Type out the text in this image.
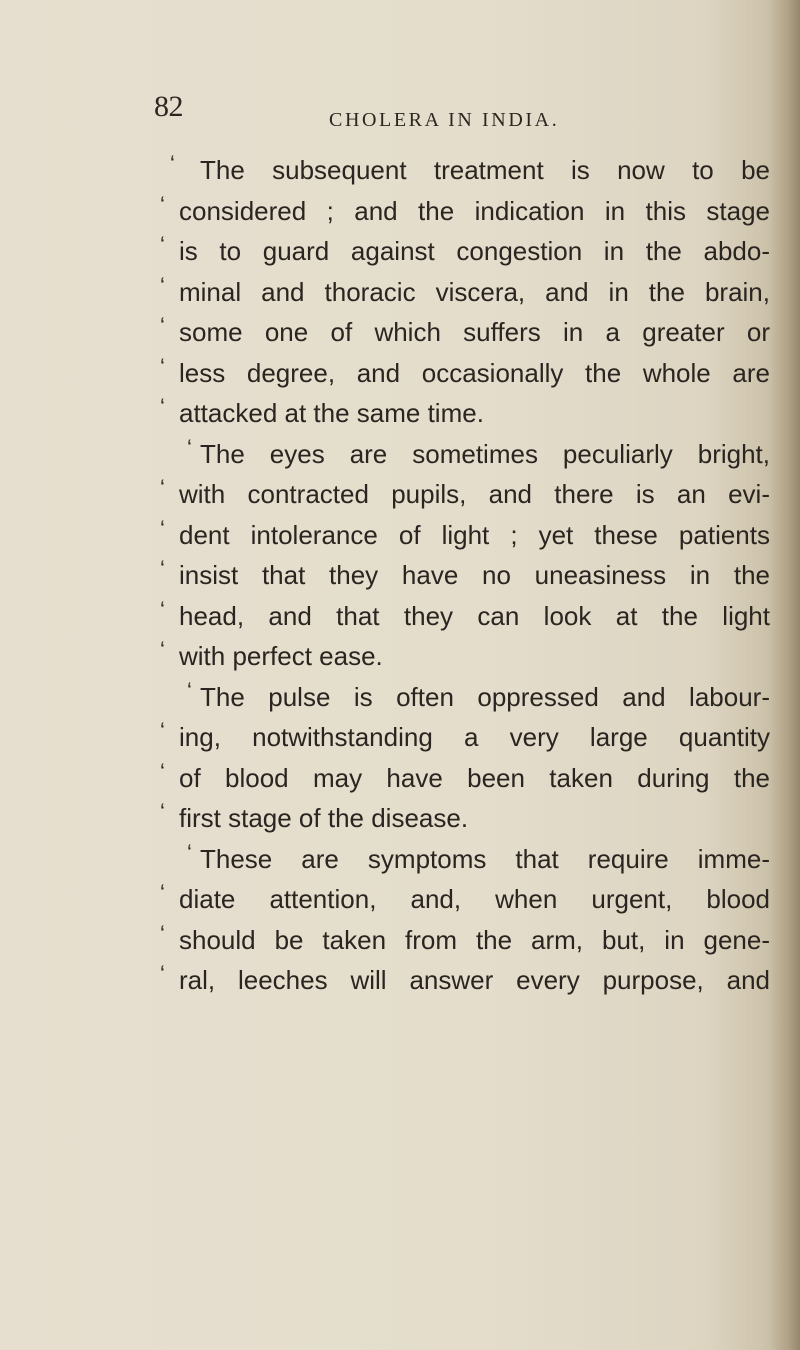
82	CHOLERA IN INDIA.
‘ The subsequent treatment is now to be
‘ considered ; and the indication in this stage
‘ is to guard against congestion in the abdo-
‘ minal and thoracic viscera, and in the brain,
‘ some one of which suffers in a greater or
‘ less degree, and occasionally the whole are
‘ attacked at the same time.
‘ The eyes are sometimes peculiarly bright,
‘ with contracted pupils, and there is an evi-
‘ dent intolerance of light ; yet these patients
‘ insist that they have no uneasiness in the
‘ head, and that they can look at the light
‘ with perfect ease.
‘ The pulse is often oppressed and labour-
‘ ing, notwithstanding a very large quantity
‘ of blood may have been taken during the
‘ first stage of the disease.
‘ These are symptoms that require imme-
‘ diate attention, and, when urgent, blood
‘ should be taken from the arm, but, in gene-
‘ ral, leeches will answer every purpose, and
